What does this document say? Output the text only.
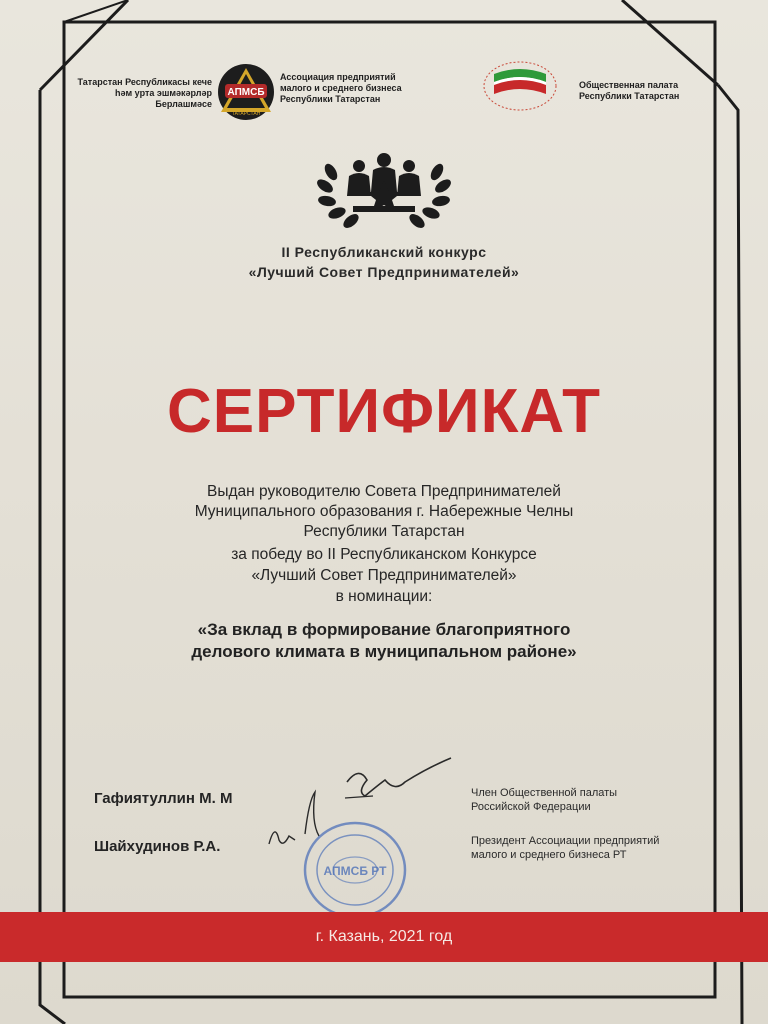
Татарстан Республикасы кече
һәм урта эшмәкәрләр
Берлашмәсе
Ассоциация предприятий
малого и среднего бизнеса
Республики Татарстан
Общественная палата
Республики Татарстан
АПМСБ
ТАТАРСТАН
II Республиканский конкурс
«Лучший Совет Предпринимателей»
СЕРТИФИКАТ
Выдан руководителю Совета Предпринимателей
Муниципального образования г. Набережные Челны
Республики Татарстан
за победу во II Республиканском Конкурсе
«Лучший Совет Предпринимателей»
в номинации:
«За вклад в формирование благоприятного
делового климата в муниципальном районе»
АПМСБ РТ
Гафиятуллин М. М	Член Общественной палаты
Российской Федерации
Шайхудинов Р.А.	Президент Ассоциации предприятий
малого и среднего бизнеса РТ
г. Казань, 2021 год
